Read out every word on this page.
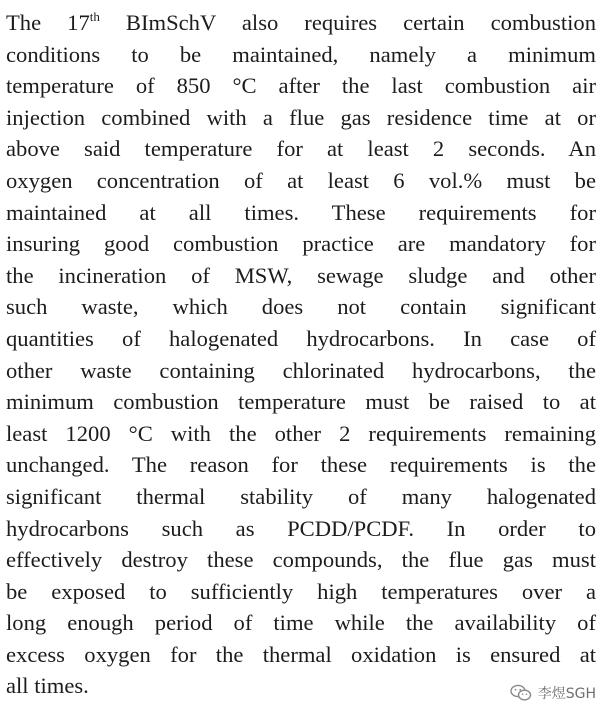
The 17th BImSchV also requires certain combustion
conditions to be maintained, namely a minimum
temperature of 850 °C after the last combustion air
injection combined with a flue gas residence time at or
above said temperature for at least 2 seconds. An
oxygen concentration of at least 6 vol.% must be
maintained at all times. These requirements for
insuring good combustion practice are mandatory for
the incineration of MSW, sewage sludge and other
such waste, which does not contain significant
quantities of halogenated hydrocarbons. In case of
other waste containing chlorinated hydrocarbons, the
minimum combustion temperature must be raised to at
least 1200 °C with the other 2 requirements remaining
unchanged. The reason for these requirements is the
significant thermal stability of many halogenated
hydrocarbons such as PCDD/PCDF. In order to
effectively destroy these compounds, the flue gas must
be exposed to sufficiently high temperatures over a
long enough period of time while the availability of
excess oxygen for the thermal oxidation is ensured at
all times.	李煜SGH
